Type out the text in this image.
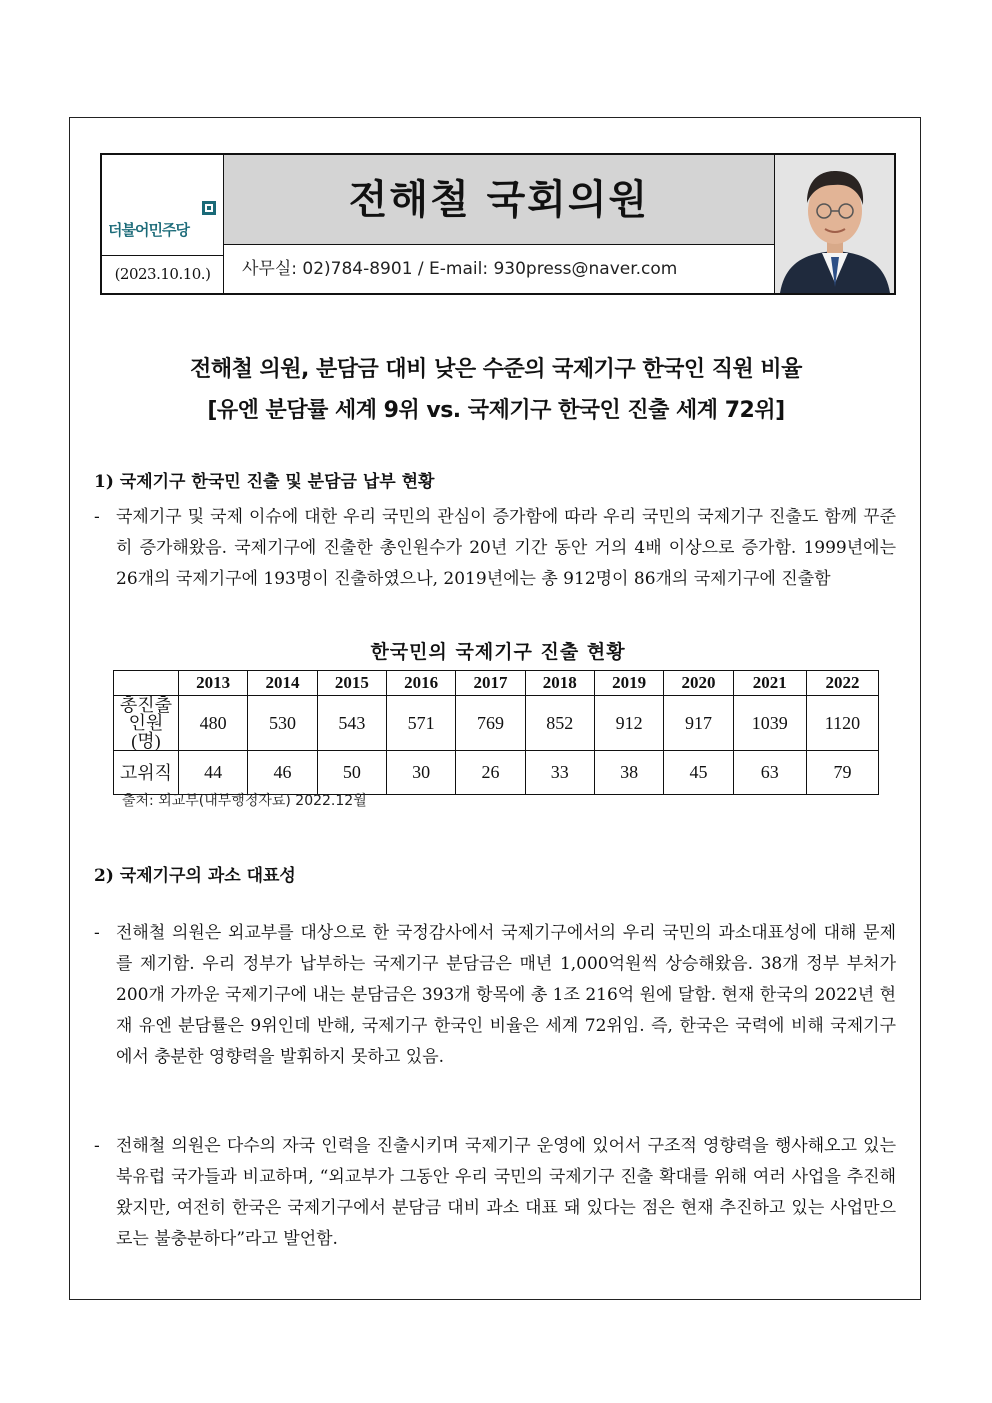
더불어민주당
(2023.10.10.)
전해철 국회의원
사무실: 02)784-8901 / E-mail: 930press@naver.com
전해철 의원, 분담금 대비 낮은 수준의 국제기구 한국인 직원 비율
[유엔 분담률 세계 9위 vs. 국제기구 한국인 진출 세계 72위]
1) 국제기구 한국민 진출 및 분담금 납부 현황
- 국제기구 및 국제 이슈에 대한 우리 국민의 관심이 증가함에 따라 우리 국민의 국제기구 진출도 함께 꾸준히 증가해왔음. 국제기구에 진출한 총인원수가 20년 기간 동안 거의 4배 이상으로 증가함. 1999년에는 26개의 국제기구에 193명이 진출하였으나, 2019년에는 총 912명이 86개의 국제기구에 진출함
한국민의 국제기구 진출 현황
	2013	2014	2015	2016	2017	2018	2019	2020	2021	2022
총진출
인원(명)	480	530	543	571	769	852	912	917	1039	1120
고위직	44	46	50	30	26	33	38	45	63	79
출처: 외교부(내부행정자료) 2022.12월
2) 국제기구의 과소 대표성
- 전해철 의원은 외교부를 대상으로 한 국정감사에서 국제기구에서의 우리 국민의 과소대표성에 대해 문제를 제기함. 우리 정부가 납부하는 국제기구 분담금은 매년 1,000억원씩 상승해왔음. 38개 정부 부처가 200개 가까운 국제기구에 내는 분담금은 393개 항목에 총 1조 216억 원에 달함. 현재 한국의 2022년 현재 유엔 분담률은 9위인데 반해, 국제기구 한국인 비율은 세계 72위임. 즉, 한국은 국력에 비해 국제기구에서 충분한 영향력을 발휘하지 못하고 있음.
- 전해철 의원은 다수의 자국 인력을 진출시키며 국제기구 운영에 있어서 구조적 영향력을 행사해오고 있는 북유럽 국가들과 비교하며, “외교부가 그동안 우리 국민의 국제기구 진출 확대를 위해 여러 사업을 추진해왔지만, 여전히 한국은 국제기구에서 분담금 대비 과소 대표 돼 있다는 점은 현재 추진하고 있는 사업만으로는 불충분하다”라고 발언함.
